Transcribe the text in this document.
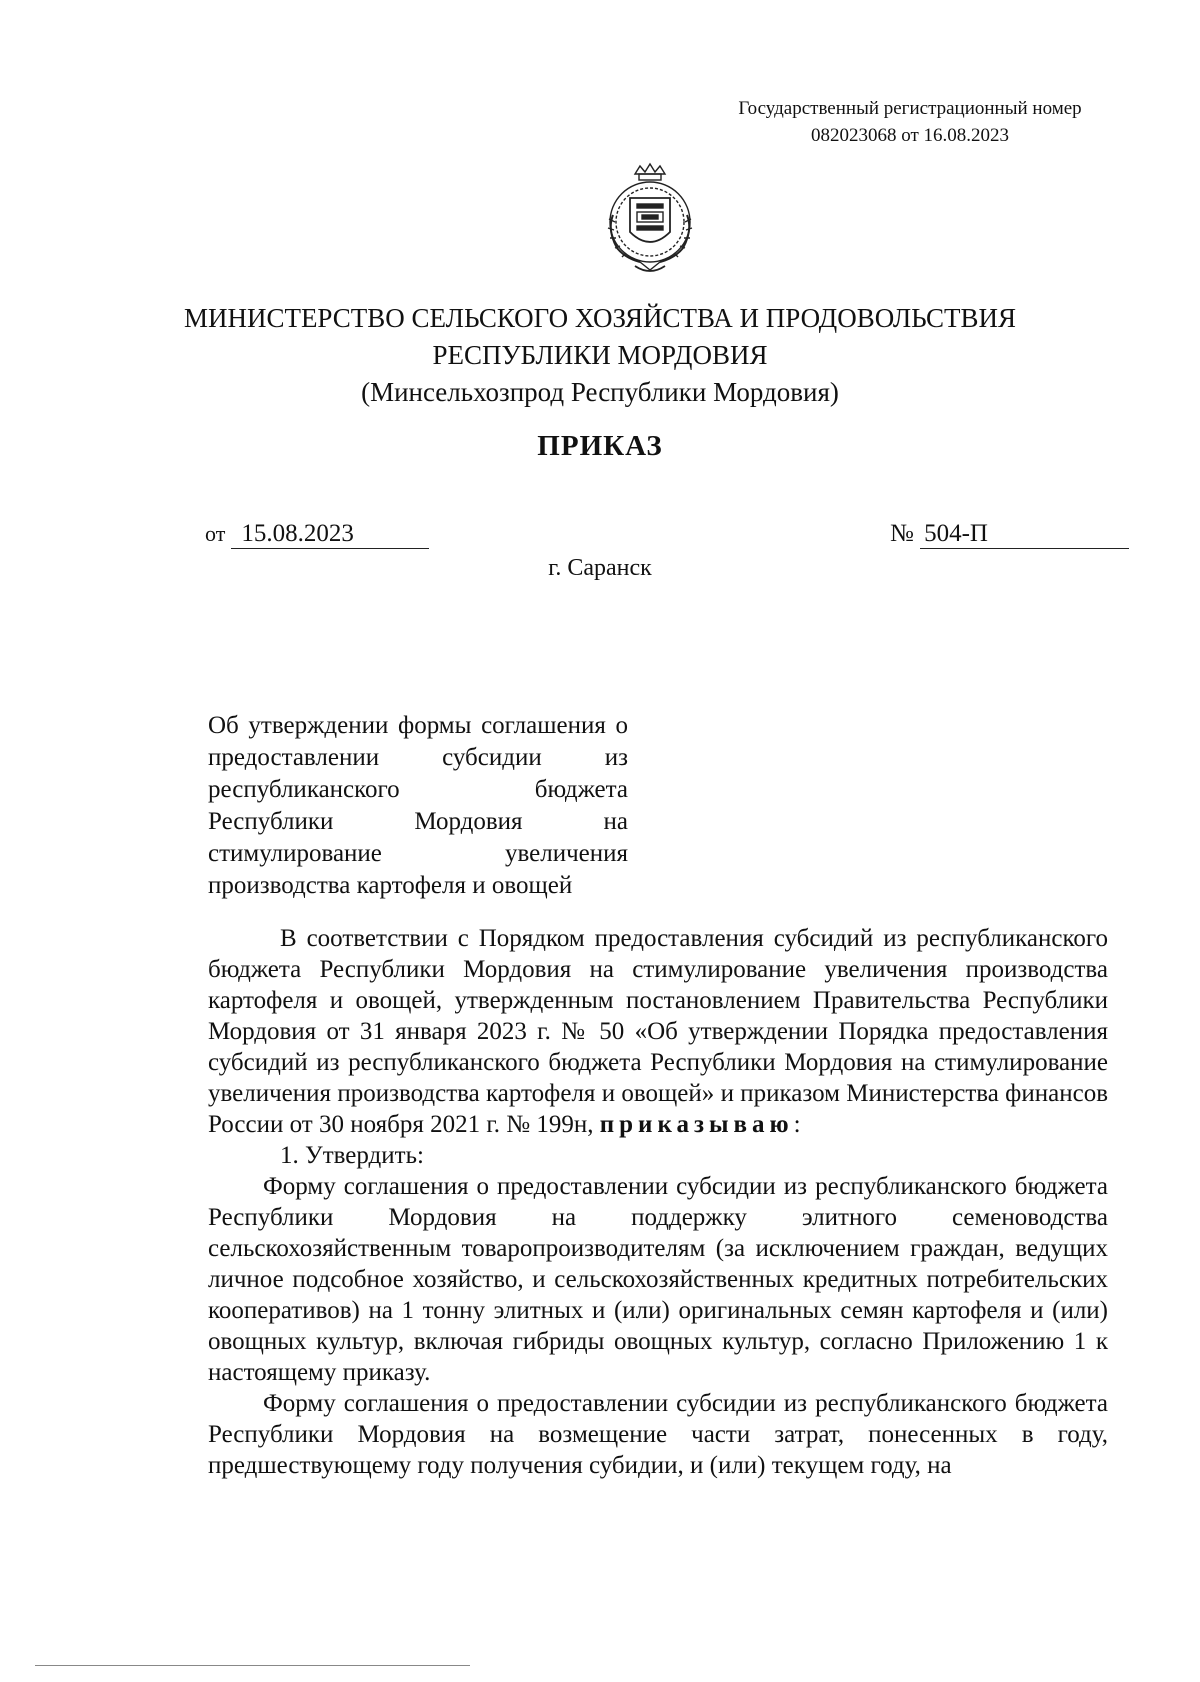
Государственный регистрационный номер
082023068 от 16.08.2023
МИНИСТЕРСТВО СЕЛЬСКОГО ХОЗЯЙСТВА И ПРОДОВОЛЬСТВИЯ
РЕСПУБЛИКИ МОРДОВИЯ
(Минсельхозпрод Республики Мордовия)
ПРИКАЗ
от 15.08.2023	№ 504-П
г. Саранск
Об утверждении формы соглашения о предоставлении субсидии из республиканского бюджета Республики Мордовия на стимулирование увеличения производства картофеля и овощей

В соответствии с Порядком предоставления субсидий из республиканского бюджета Республики Мордовия на стимулирование увеличения производства картофеля и овощей, утвержденным постановлением Правительства Республики Мордовия от 31 января 2023 г. № 50 «Об утверждении Порядка предоставления субсидий из республиканского бюджета Республики Мордовия на стимулирование увеличения производства картофеля и овощей» и приказом Министерства финансов России от 30 ноября 2021 г. № 199н, приказываю:

1. Утвердить:

Форму соглашения о предоставлении субсидии из республиканского бюджета Республики Мордовия на поддержку элитного семеноводства сельскохозяйственным товаропроизводителям (за исключением граждан, ведущих личное подсобное хозяйство, и сельскохозяйственных кредитных потребительских кооперативов) на 1 тонну элитных и (или) оригинальных семян картофеля и (или) овощных культур, включая гибриды овощных культур, согласно Приложению 1 к настоящему приказу.

Форму соглашения о предоставлении субсидии из республиканского бюджета Республики Мордовия на возмещение части затрат, понесенных в году, предшествующему году получения субидии, и (или) текущем году, на
